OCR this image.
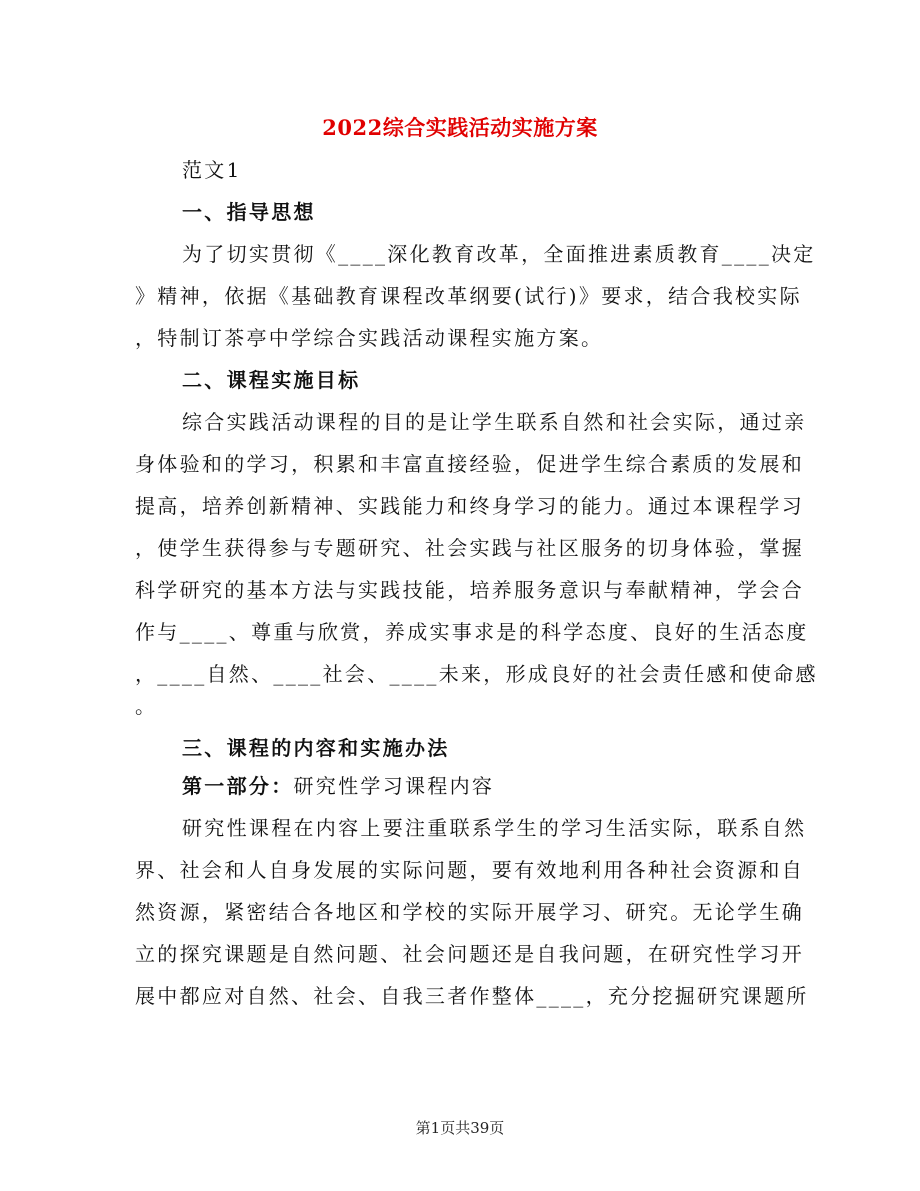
2022综合实践活动实施方案
范文1
一、指导思想
为了切实贯彻《____深化教育改革，全面推进素质教育____决定
》精神，依据《基础教育课程改革纲要(试行)》要求，结合我校实际
，特制订茶亭中学综合实践活动课程实施方案。
二、课程实施目标
综合实践活动课程的目的是让学生联系自然和社会实际，通过亲
身体验和的学习，积累和丰富直接经验，促进学生综合素质的发展和
提高，培养创新精神、实践能力和终身学习的能力。通过本课程学习
，使学生获得参与专题研究、社会实践与社区服务的切身体验，掌握
科学研究的基本方法与实践技能，培养服务意识与奉献精神，学会合
作与____、尊重与欣赏，养成实事求是的科学态度、良好的生活态度
，____自然、____社会、____未来，形成良好的社会责任感和使命感
。
三、课程的内容和实施办法
第一部分：研究性学习课程内容
研究性课程在内容上要注重联系学生的学习生活实际，联系自然
界、社会和人自身发展的实际问题，要有效地利用各种社会资源和自
然资源，紧密结合各地区和学校的实际开展学习、研究。无论学生确
立的探究课题是自然问题、社会问题还是自我问题，在研究性学习开
展中都应对自然、社会、自我三者作整体____，充分挖掘研究课题所
第1页共39页
